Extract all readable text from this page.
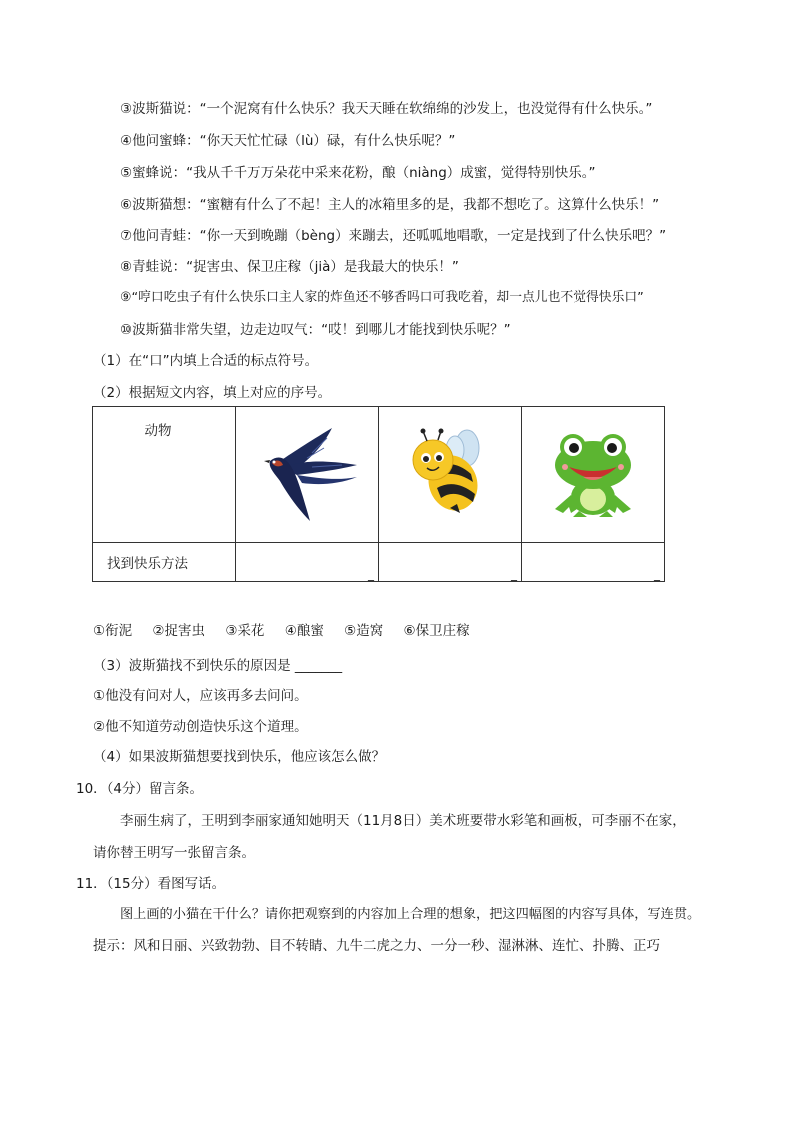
③波斯猫说：“一个泥窝有什么快乐？我天天睡在软绵绵的沙发上，也没觉得有什么快乐。”
④他问蜜蜂：“你天天忙忙碌（lù）碌，有什么快乐呢？”
⑤蜜蜂说：“我从千千万万朵花中采来花粉，酿（niàng）成蜜，觉得特别快乐。”
⑥波斯猫想：“蜜糖有什么了不起！主人的冰箱里多的是，我都不想吃了。这算什么快乐！”
⑦他问青蛙：“你一天到晚蹦（bèng）来蹦去，还呱呱地唱歌，一定是找到了什么快乐吧？”
⑧青蛙说：“捉害虫、保卫庄稼（jià）是我最大的快乐！”
⑨“哼口吃虫子有什么快乐口主人家的炸鱼还不够香吗口可我吃着，却一点儿也不觉得快乐口”
⑩波斯猫非常失望，边走边叹气：“哎！到哪儿才能找到快乐呢？”
（1）在“口”内填上合适的标点符号。
（2）根据短文内容，填上对应的序号。
动物			
找到快乐方法	_	_	_
①衔泥 ②捉害虫 ③采花 ④酿蜜 ⑤造窝 ⑥保卫庄稼
（3）波斯猫找不到快乐的原因是 _______
①他没有问对人，应该再多去问问。
②他不知道劳动创造快乐这个道理。
（4）如果波斯猫想要找到快乐，他应该怎么做？
10．（4分）留言条。
李丽生病了，王明到李丽家通知她明天（11月8日）美术班要带水彩笔和画板，可李丽不在家，
请你替王明写一张留言条。
11．（15分）看图写话。
图上画的小猫在干什么？请你把观察到的内容加上合理的想象，把这四幅图的内容写具体，写连贯。
提示：风和日丽、兴致勃勃、目不转睛、九牛二虎之力、一分一秒、湿淋淋、连忙、扑腾、正巧
